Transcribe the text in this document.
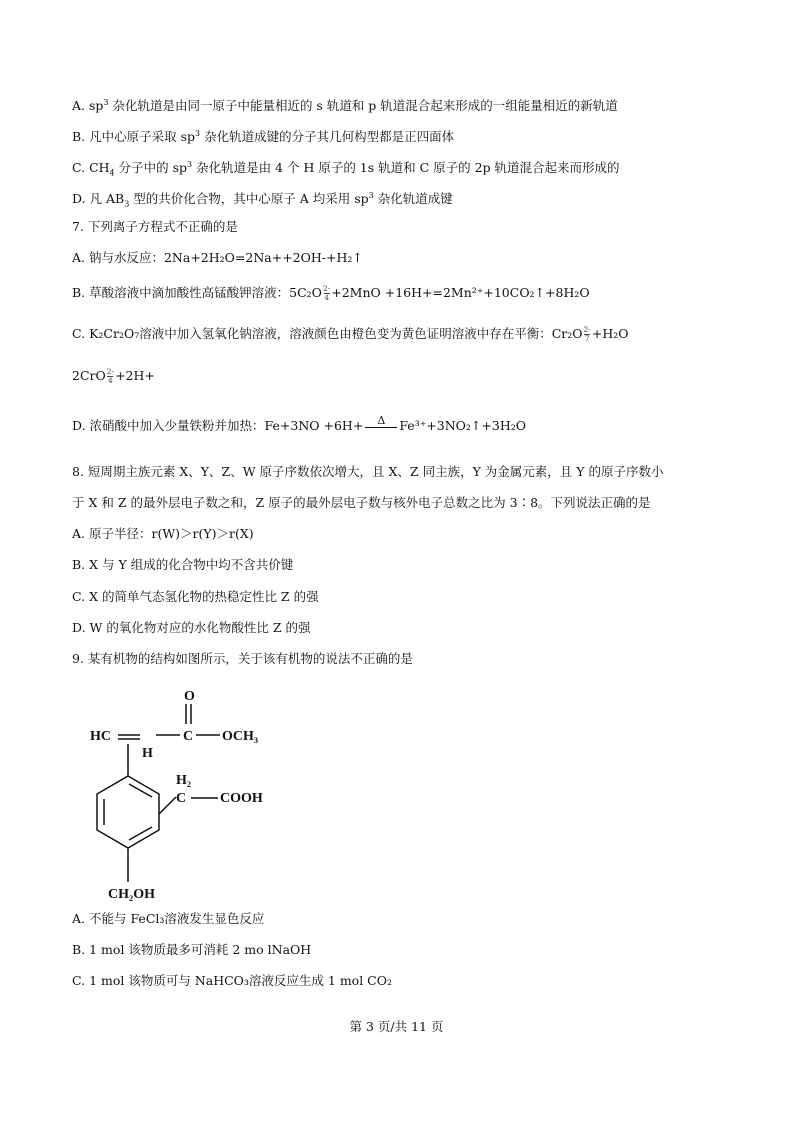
A. $sp^3$ 杂化轨道是由同一原子中能量相近的 s 轨道和 p 轨道混合起来形成的一组能量相近的新轨道
B. 凡中心原子采取 $sp^3$ 杂化轨道成键的分子其几何构型都是正四面体
C. $CH_4$ 分子中的 $sp^3$ 杂化轨道是由 4 个 H 原子的 1s 轨道和 C 原子的 2p 轨道混合起来而形成的
D. 凡 $AB_3$ 型的共价化合物，其中心原子 A 均采用 $sp^3$ 杂化轨道成键
7. 下列离子方程式不正确的是
A. 钠与水反应：2Na+2H₂O=2Na++2OH-+H₂↑
B. 草酸溶液中滴加酸性高锰酸钾溶液：$5C_2O \frac{2-}{4} +2MnO$ +16H+=2Mn²⁺+10CO₂↑+8H₂O
C. K₂Cr₂O₇溶液中加入氢氧化钠溶液，溶液颜色由橙色变为黄色证明溶液中存在平衡：$Cr_2O \frac{2-}{7} +H_2O$
$2CrO \frac{2-}{4} +2H+$
D. 浓硝酸中加入少量铁粉并加热：Fe+3NO +6H+	Δ	Fe³⁺+3NO₂↑+3H₂O
8. 短周期主族元素 X、Y、Z、W 原子序数依次增大，且 X、Z 同主族，Y 为金属元素，且 Y 的原子序数小
于 X 和 Z 的最外层电子数之和，Z 原子的最外层电子数与核外电子总数之比为 3∶8。下列说法正确的是
A. 原子半径：r(W)＞r(Y)＞r(X)
B. X 与 Y 组成的化合物中均不含共价键
C. X 的简单气态氢化物的热稳定性比 Z 的强
D. W 的氧化物对应的水化物酸性比 Z 的强
9. 某有机物的结构如图所示，关于该有机物的说法不正确的是
O
HC
H
C OCH₃
H₂
C COOH
CH₂OH
A. 不能与 FeCl₃溶液发生显色反应
B. 1 mol 该物质最多可消耗 2 mo lNaOH
C. 1 mol 该物质可与 NaHCO₃溶液反应生成 1 mol CO₂
第 3 页/共 11 页
